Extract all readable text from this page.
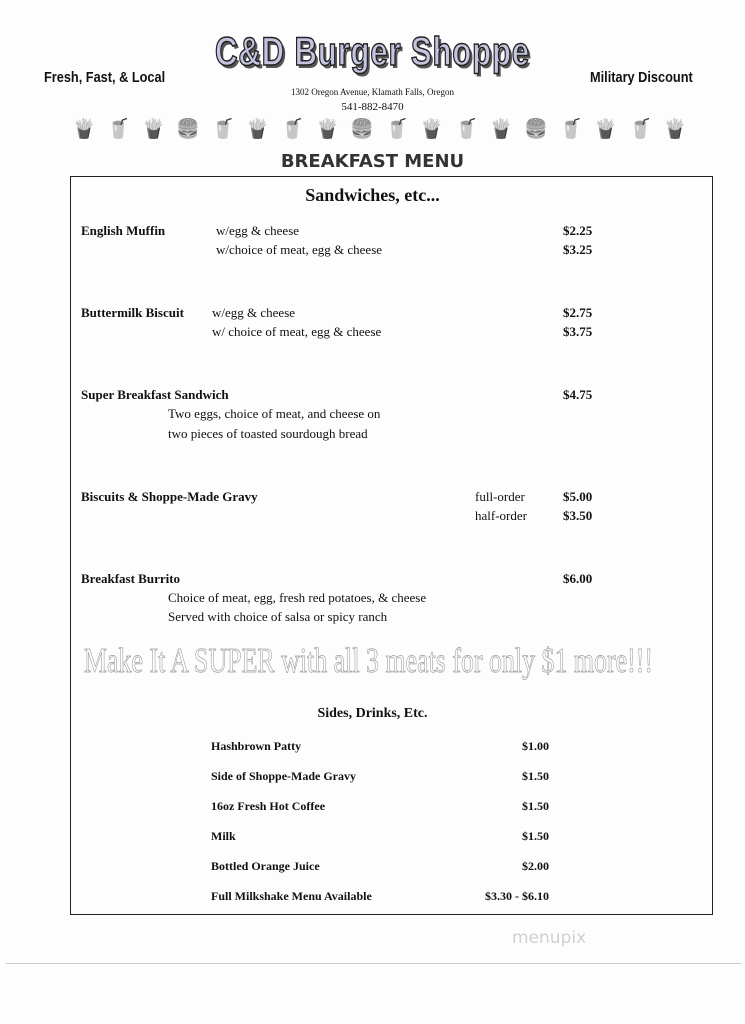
Fresh, Fast, & Local
C&D Burger Shoppe
Military Discount
1302 Oregon Avenue, Klamath Falls, Oregon
541-882-8470
🍟 🥤 🍟 🍔 🥤 🍟 🥤 🍟 🍔 🥤 🍟 🥤 🍟 🍔 🥤 🍟 🥤 🍟
BREAKFAST MENU
Sandwiches, etc...
English Muffin	w/egg & cheese	$2.25
w/choice of meat, egg & cheese	$3.25
Buttermilk Biscuit w/egg & cheese	$2.75
w/ choice of meat, egg & cheese	$3.75
Super Breakfast Sandwich	$4.75
Two eggs, choice of meat, and cheese on
two pieces of toasted sourdough bread
Biscuits & Shoppe-Made Gravy	full-order	$5.00
half-order	$3.50
Breakfast Burrito	$6.00
Choice of meat, egg, fresh red potatoes, & cheese
Served with choice of salsa or spicy ranch
Make It A SUPER with all 3 meats for only $1 more!!!
Sides, Drinks, Etc.
Hashbrown Patty	$1.00
Side of Shoppe-Made Gravy	$1.50
16oz Fresh Hot Coffee	$1.50
Milk	$1.50
Bottled Orange Juice	$2.00
Full Milkshake Menu Available	$3.30 - $6.10
menupix
